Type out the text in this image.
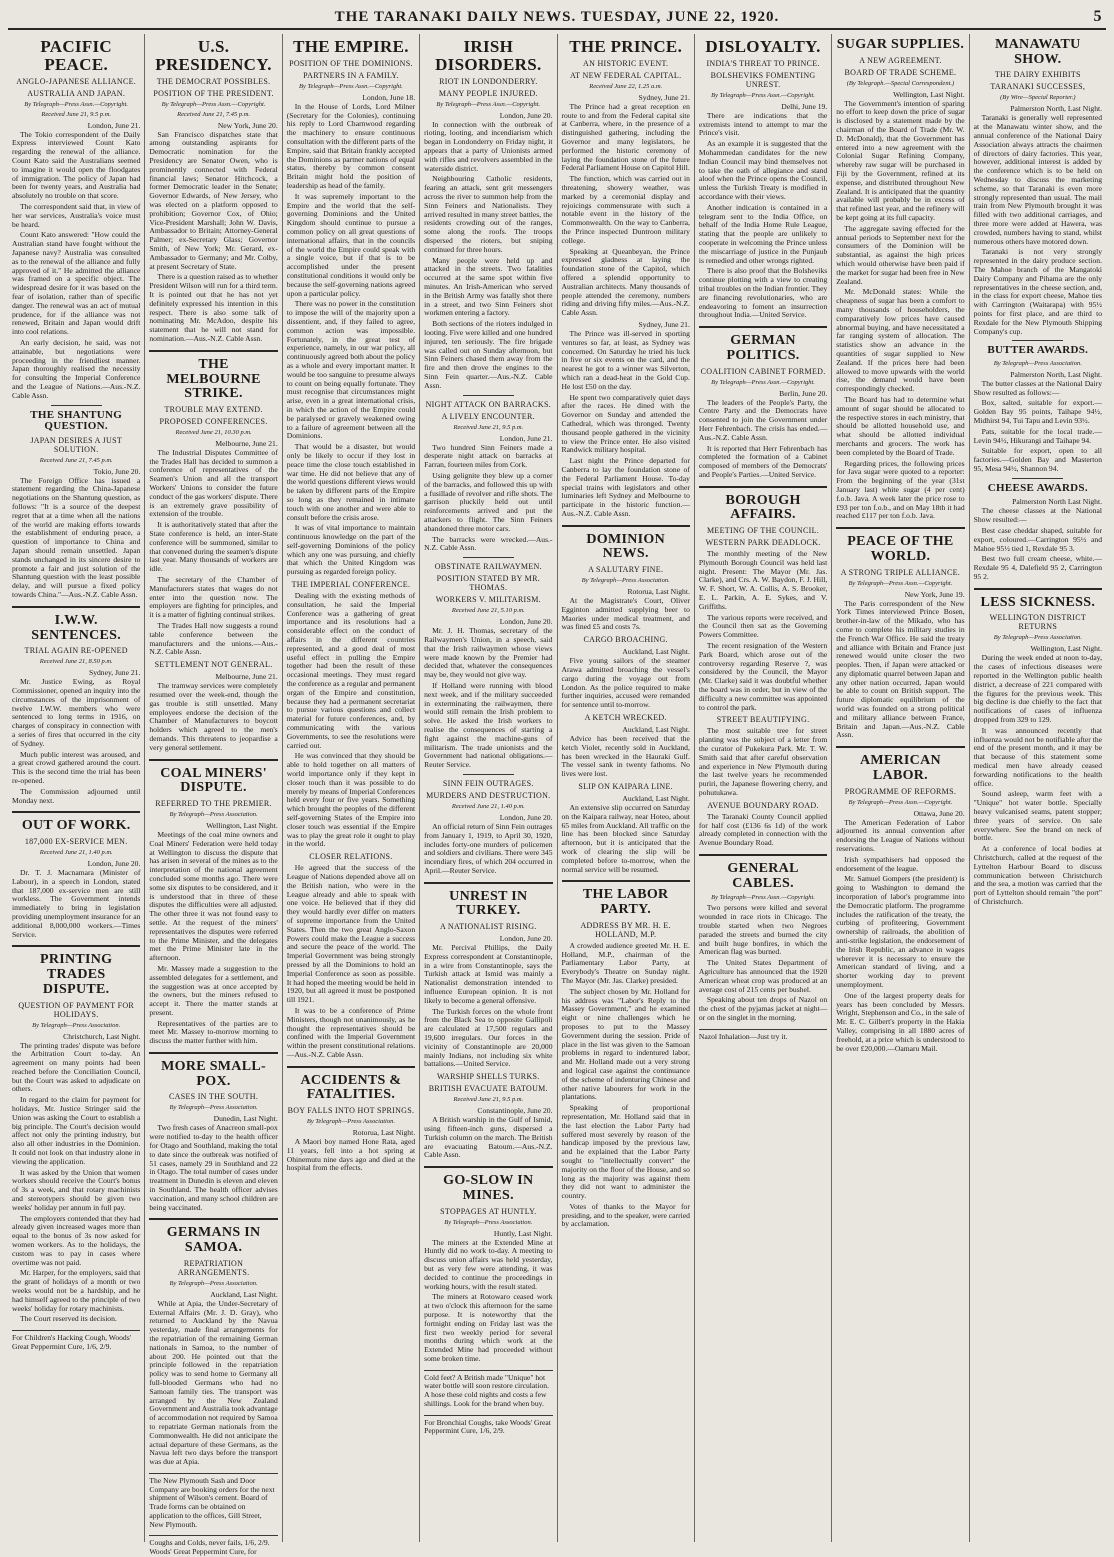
THE TARANAKI DAILY NEWS. TUESDAY, JUNE 22, 1920.	5
PACIFIC PEACE.
ANGLO-JAPANESE ALLIANCE.
AUSTRALIA AND JAPAN.
By Telegraph—Press Assn.—Copyright.
Received June 21, 9.5 p.m.
London, June 21.

The Tokio correspondent of the Daily Express interviewed Count Kato regarding the renewal of the alliance. Count Kato said the Australians seemed to imagine it would open the floodgates of immigration. The policy of Japan had been for twenty years, and Australia had absolutely no trouble on that score.

The correspondent said that, in view of her war services, Australia's voice must be heard.

Count Kato answered: "How could the Australian stand have fought without the Japanese navy? Australia was consulted as to the renewal of the alliance and fully approved of it." He admitted the alliance was framed on a specific object. The widespread desire for it was based on the fear of isolation, rather than of specific danger. The renewal was an act of mutual prudence, for if the alliance was not renewed, Britain and Japan would drift into cool relations.

An early decision, he said, was not attainable, but negotiations were proceeding in the friendliest manner. Japan thoroughly realised the necessity for consulting the Imperial Conference and the League of Nations.—Aus.-N.Z. Cable Assn.

THE SHANTUNG QUESTION.
JAPAN DESIRES A JUST SOLUTION.
Received June 21, 7.45 p.m.
Tokio, June 20.

The Foreign Office has issued a statement regarding the China-Japanese negotiations on the Shantung question, as follows: "It is a source of the deepest regret that at a time when all the nations of the world are making efforts towards the establishment of enduring peace, a question of importance to China and Japan should remain unsettled. Japan stands unchanged in its sincere desire to promote a fair and just solution of the Shantung question with the least possible delay, and will pursue a fixed policy towards China."—Aus.-N.Z. Cable Assn.

I.W.W. SENTENCES.
TRIAL AGAIN RE-OPENED
Received June 21, 8.50 p.m.
Sydney, June 21.

Mr. Justice Ewing, as Royal Commissioner, opened an inquiry into the circumstances of the imprisonment of twelve I.W.W. members who were sentenced to long terms in 1916, on charges of conspiracy in connection with a series of fires that occurred in the city of Sydney.

Much public interest was aroused, and a great crowd gathered around the court. This is the second time the trial has been re-opened.

The Commission adjourned until Monday next.

OUT OF WORK.
187,000 EX-SERVICE MEN.
Received June 21, 1.40 p.m.
London, June 20.

Dr. T. J. Macnamara (Minister of Labour), in a speech in London, stated that 187,000 ex-service men are still workless. The Government intends immediately to bring in legislation providing unemployment insurance for an additional 8,000,000 workers.—Times Service.

PRINTING TRADES DISPUTE.
QUESTION OF PAYMENT FOR HOLIDAYS.
By Telegraph—Press Association.
Christchurch, Last Night.

The printing trades' dispute was before the Arbitration Court to-day. An agreement on many points had been reached before the Conciliation Council, but the Court was asked to adjudicate on others.

In regard to the claim for payment for holidays, Mr. Justice Stringer said the Union was asking the Court to establish a big principle. The Court's decision would affect not only the printing industry, but also all other industries in the Dominion. It could not look on that industry alone in viewing the application.

It was asked by the Union that women workers should receive the Court's bonus of 3s a week, and that rotary machinists and stereotypers should be given two weeks' holiday per annum in full pay.

The employers contended that they had already given increased wages more than equal to the bonus of 3s now asked for women workers. As to the holidays, the custom was to pay in cases where overtime was not paid.

Mr. Harper, for the employers, said that the grant of holidays of a month or two weeks would not be a hardship, and he had himself agreed to the principle of two weeks' holiday for rotary machinists.

The Court reserved its decision.

For Children's Hacking Cough, Woods' Great Peppermint Cure, 1/6, 2/9.
U.S. PRESIDENCY.
THE DEMOCRAT POSSIBLES.
POSITION OF THE PRESIDENT.
By Telegraph—Press Assn.—Copyright.
Received June 21, 7.45 p.m.
New York, June 20.

San Francisco dispatches state that among outstanding aspirants for Democratic nomination for the Presidency are Senator Owen, who is prominently connected with Federal financial laws; Senator Hitchcock, a former Democratic leader in the Senate; Governor Edwards, of New Jersey, who was elected on a platform opposed to prohibition; Governor Cox, of Ohio; Vice-President Marshall; John W. Davis, Ambassador to Britain; Attorney-General Palmer; ex-Secretary Glass; Governor Smith, of New York; Mr. Gerard, ex-Ambassador to Germany; and Mr. Colby, at present Secretary of State.

There is a question raised as to whether President Wilson will run for a third term. It is pointed out that he has not yet definitely expressed his intention in this respect. There is also some talk of nominating Mr. McAdoo, despite his statement that he will not stand for nomination.—Aus.-N.Z. Cable Assn.

THE MELBOURNE STRIKE.
TROUBLE MAY EXTEND.
PROPOSED CONFERENCES.
Received June 21, 10.30 p.m.
Melbourne, June 21.

The Industrial Disputes Committee of the Trades Hall has decided to summon a conference of representatives of the Seamen's Union and all the transport Workers' Unions to consider the future conduct of the gas workers' dispute. There is an extremely grave possibility of extension of the trouble.

It is authoritatively stated that after the State conference is held, an inter-State conference will be summoned, similar to that convened during the seamen's dispute last year. Many thousands of workers are idle.

The secretary of the Chamber of Manufacturers states that wages do not enter into the question now. The employers are fighting for principles, and it is a matter of fighting continual strikes.

The Trades Hall now suggests a round table conference between the manufacturers and the unions.—Aus.-N.Z. Cable Assn.

SETTLEMENT NOT GENERAL.
Melbourne, June 21.

The tramway services were completely resumed over the week-end, though the gas trouble is still unsettled. Many employees endorse the decision of the Chamber of Manufacturers to boycott holders which agreed to the men's demands. This threatens to jeopardise a very general settlement.

COAL MINERS' DISPUTE.
REFERRED TO THE PREMIER.
By Telegraph—Press Association.
Wellington, Last Night.

Meetings of the coal mine owners and Coal Miners' Federation were held today at Wellington to discuss the dispute that has arisen in several of the mines as to the interpretation of the national agreement concluded some months ago. There were some six disputes to be considered, and it is understood that in three of these disputes the difficulties were all adjusted. The other three it was not found easy to settle. At the request of the miners' representatives the disputes were referred to the Prime Minister, and the delegates met the Prime Minister late in the afternoon.

Mr. Massey made a suggestion to the assembled delegates for a settlement, and the suggestion was at once accepted by the owners, but the miners refused to accept it. There the matter stands at present.

Representatives of the parties are to meet Mr. Massey to-morrow morning to discuss the matter further with him.

MORE SMALL-POX.
CASES IN THE SOUTH.
By Telegraph—Press Association.
Dunedin, Last Night.

Two fresh cases of Anacreon small-pox were notified to-day to the health officer for Otago and Southland, making the total to date since the outbreak was notified of 51 cases, namely 29 in Southland and 22 in Otago. The total number of cases under treatment in Dunedin is eleven and eleven in Southland. The health officer advises vaccination, and many school children are being vaccinated.

GERMANS IN SAMOA.
REPATRIATION ARRANGEMENTS.
By Telegraph—Press Association.
Auckland, Last Night.

While at Apia, the Under-Secretary of External Affairs (Mr. J. D. Gray), who returned to Auckland by the Navua yesterday, made final arrangements for the repatriation of the remaining German nationals in Samoa, to the number of about 200. He pointed out that the principle followed in the repatriation policy was to send home to Germany all full-blooded Germans who had no Samoan family ties. The transport was arranged by the New Zealand Government and Australia took advantage of accommodation not required by Samoa to repatriate German nationals from the Commonwealth. He did not anticipate the actual departure of these Germans, as the Navua left two days before the transport was due at Apia.

The New Plymouth Sash and Door Company are booking orders for the next shipment of Wilson's cement. Board of Trade forms can be obtained on application to the offices, Gill Street, New Plymouth.
Coughs and Colds, never fails, 1/6, 2/9. Woods' Great Peppermint Cure, for
THE EMPIRE.
POSITION OF THE DOMINIONS.
PARTNERS IN A FAMILY.
By Telegraph—Press Assn.—Copyright.
London, June 18.

In the House of Lords, Lord Milner (Secretary for the Colonies), continuing his reply to Lord Charnwood regarding the machinery to ensure continuous consultation with the different parts of the Empire, said that Britain frankly accepted the Dominions as partner nations of equal status, thereby by common consent Britain might hold the position of leadership as head of the family.

It was supremely important to the Empire and the world that the self-governing Dominions and the United Kingdom should continue to pursue a common policy on all great questions of international affairs, that in the councils of the world the Empire could speak with a single voice, but if that is to be accomplished under the present constitutional conditions it would only be because the self-governing nations agreed upon a particular policy.

There was no power in the constitution to impose the will of the majority upon a dissentient, and, if they failed to agree, common action was impossible. Fortunately, in the great test of experience, namely, in our war policy, all continuously agreed both about the policy as a whole and every important matter. It would be too sanguine to presume always to count on being equally fortunate. They must recognise that circumstances might arise, even in a great international crisis, in which the action of the Empire could be paralysed or gravely weakened owing to a failure of agreement between all the Dominions.

That would be a disaster, but would only be likely to occur if they lost in peace time the close touch established in war time. He did not believe that any of the world questions different views would be taken by different parts of the Empire so long as they remained in intimate touch with one another and were able to consult before the crisis arose.

It was of vital importance to maintain continuous knowledge on the part of the self-governing Dominions of the policy which any one was pursuing, and chiefly that which the United Kingdom was pursuing as regarded foreign policy.

THE IMPERIAL CONFERENCE.

Dealing with the existing methods of consultation, he said the Imperial Conference was a gathering of great importance and its resolutions had a considerable effect on the conduct of affairs in the different countries represented, and a good deal of most useful effect in pulling the Empire together had been the result of these occasional meetings. They must regard the conference as a regular and permanent organ of the Empire and constitution, because they had a permanent secretariat to pursue various questions and collect material for future conferences, and, by communicating with the various Governments, to see the resolutions were carried out.

He was convinced that they should be able to hold together on all matters of world importance only if they kept in closer touch than it was possible to do merely by means of Imperial Conferences held every four or five years. Something which brought the peoples of the different self-governing States of the Empire into closer touch was essential if the Empire was to play the great role it ought to play in the world.

CLOSER RELATIONS.

He agreed that the success of the League of Nations depended above all on the British nation, who were in the League already and able to speak with one voice. He believed that if they did they would hardly ever differ on matters of supreme importance from the United States. Then the two great Anglo-Saxon Powers could make the League a success and secure the peace of the world. The Imperial Government was being strongly pressed by all the Dominions to hold an Imperial Conference as soon as possible. It had hoped the meeting would be held in 1920, but all agreed it must be postponed till 1921.

It was to be a conference of Prime Ministers, though not unanimously, as he thought the representatives should be confined with the Imperial Government within the present constitutional relations.—Aus.-N.Z. Cable Assn.

ACCIDENTS & FATALITIES.
BOY FALLS INTO HOT SPRINGS.
By Telegraph—Press Association.
Rotorua, Last Night.

A Maori boy named Hone Rata, aged 11 years, fell into a hot spring at Ohinemutu nine days ago and died at the hospital from the effects.

IRISH DISORDERS.
RIOT IN LONDONDERRY.
MANY PEOPLE INJURED.
By Telegraph—Press Assn.—Copyright.
London, June 20.

In connection with the outbreak of rioting, looting, and incendiarism which began in Londonderry on Friday night, it appears that a party of Unionists armed with rifles and revolvers assembled in the waterside district.

Neighbouring Catholic residents, fearing an attack, sent grit messengers across the river to summon help from the Sinn Feiners and Nationalists. They arrived resulted in many street battles, the residents crowding out of the ranges, some along the roofs. The troops dispersed the rioters, but sniping continued for three hours.

Many people were held up and attacked in the streets. Two fatalities occurred at the same spot within five minutes. An Irish-American who served in the British Army was fatally shot there in a street, and two Sinn Feiners shot workmen entering a factory.

Both sections of the rioters indulged in looting. Five were killed and one hundred injured, ten seriously. The fire brigade was called out on Sunday afternoon, but Sinn Feiners chased them away from the fire and then drove the engines to the Sinn Fein quarter.—Aus.-N.Z. Cable Assn.

NIGHT ATTACK ON BARRACKS.
A LIVELY ENCOUNTER.
Received June 21, 9.5 p.m.
London, June 21.

Two hundred Sinn Feiners made a desperate night attack on barracks at Farran, fourteen miles from Cork.

Using gelignite they blew up a corner of the barracks, and followed this up with a fusillade of revolver and rifle shots. The garrison pluckily held out until reinforcements arrived and put the attackers to flight. The Sinn Feiners abandoned three motor cars.

The barracks were wrecked.—Aus.-N.Z. Cable Assn.

OBSTINATE RAILWAYMEN.
POSITION STATED BY MR. THOMAS.
WORKERS V. MILITARISM.
Received June 21, 5.10 p.m.
London, June 20.

Mr. J. H. Thomas, secretary of the Railwaymen's Union, in a speech, said that the Irish railwaymen whose views were made known by the Premier had decided that, whatever the consequences may be, they would not give way.

If Holland were running with blood next week, and if the military succeeded in exterminating the railwaymen, there would still remain the Irish problem to solve. He asked the Irish workers to realise the consequences of starting a fight against the machine-guns of militarism. The trade unionists and the Government had national obligations.—Reuter Service.

SINN FEIN OUTRAGES.
MURDERS AND DESTRUCTION.
Received June 21, 1.40 p.m.
London, June 20.

An official return of Sinn Fein outrages from January 1, 1919, to April 30, 1920, includes forty-one murders of policemen and soldiers and civilians. There were 345 incendiary fires, of which 204 occurred in April.—Reuter Service.

UNREST IN TURKEY.
A NATIONALIST RISING.
London, June 20.

Mr. Percival Phillips, the Daily Express correspondent at Constantinople, in a wire from Constantinople, says the Turkish attack at Ismid was mainly a Nationalist demonstration intended to influence European opinion. It is not likely to become a general offensive.

The Turkish forces on the whole front from the Black Sea to opposite Gallipoli are calculated at 17,500 regulars and 19,600 irregulars. Our forces in the vicinity of Constantinople are 20,000 mainly Indians, not including six white battalions.—United Service.

WARSHIP SHELLS TURKS.
BRITISH EVACUATE BATOUM.
Received June 21, 9.5 p.m.
Constantinople, June 20.

A British warship in the Gulf of Ismid, using fifteen-inch guns, dispersed a Turkish column on the march. The British are evacuating Batoum.—Aus.-N.Z. Cable Assn.

GO-SLOW IN MINES.
STOPPAGES AT HUNTLY.
By Telegraph—Press Association.
Huntly, Last Night.

The miners at the Extended Mine at Huntly did no work to-day. A meeting to discuss union affairs was held yesterday, but as very few were attending, it was decided to continue the proceedings in working hours, with the result stated.

The miners at Rotowaro ceased work at two o'clock this afternoon for the same purpose. It is noteworthy that the fortnight ending on Friday last was the first two weekly period for several months during which work at the Extended Mine had proceeded without some broken time.

Cold feet? A British made "Unique" hot water bottle will soon restore circulation. A hose these cold nights and costs a few shillings. Look for the brand when buy.
For Bronchial Coughs, take Woods' Great Peppermint Cure, 1/6, 2/9.
THE PRINCE.
AN HISTORIC EVENT.
AT NEW FEDERAL CAPITAL.
Received June 22, 1.25 a.m.
Sydney, June 21.

The Prince had a great reception en route to and from the Federal capital site at Canberra, where, in the presence of a distinguished gathering, including the Governor and many legislators, he performed the historic ceremony of laying the foundation stone of the future Federal Parliament House on Capitol Hill.

The function, which was carried out in threatening, showery weather, was marked by a ceremonial display and rejoicings commensurate with such a notable event in the history of the Commonwealth. On the way to Canberra, the Prince inspected Duntroon military college.

Speaking at Queanbeyan, the Prince expressed gladness at laying the foundation stone of the Capitol, which offered a splendid opportunity to Australian architects. Many thousands of people attended the ceremony, numbers riding and driving fifty miles.—Aus.-N.Z. Cable Assn.

Sydney, June 21.

The Prince was ill-served in sporting ventures so far, at least, as Sydney was concerned. On Saturday he tried his luck in five or six events on the card, and the nearest he got to a winner was Silverton, which ran a dead-heat in the Gold Cup. He lost £50 on the day.

He spent two comparatively quiet days after the races. He dined with the Governor on Sunday and attended the Cathedral, which was thronged. Twenty thousand people gathered in the vicinity to view the Prince enter. He also visited Randwick military hospital.

Last night the Prince departed for Canberra to lay the foundation stone of the Federal Parliament House. To-day special trains with legislators and other luminaries left Sydney and Melbourne to participate in the historic function.—Aus.-N.Z. Cable Assn.

DOMINION NEWS.
A SALUTARY FINE.
By Telegraph—Press Association.
Rotorua, Last Night.

At the Magistrate's Court, Oliver Egginton admitted supplying beer to Maories under medical treatment, and was fined £5 and costs 7s.

CARGO BROACHING.
Auckland, Last Night.

Five young sailors of the steamer Arawa admitted broaching the vessel's cargo during the voyage out from London. As the police required to make further inquiries, accused were remanded for sentence until to-morrow.

A KETCH WRECKED.
Auckland, Last Night.

Advice has been received that the ketch Violet, recently sold in Auckland, has been wrecked in the Hauraki Gulf. The vessel sank in twenty fathoms. No lives were lost.

SLIP ON KAIPARA LINE.
Auckland, Last Night.

An extensive slip occurred on Saturday on the Kaipara railway, near Hoteo, about 65 miles from Auckland. All traffic on the line has been blocked since Saturday afternoon, but it is anticipated that the work of clearing the slip will be completed before to-morrow, when the normal service will be resumed.

THE LABOR PARTY.
ADDRESS BY MR. H. E. HOLLAND, M.P.

A crowded audience greeted Mr. H. E. Holland, M.P., chairman of the Parliamentary Labor Party, at Everybody's Theatre on Sunday night. The Mayor (Mr. Jas. Clarke) presided.

The subject chosen by Mr. Holland for his address was "Labor's Reply to the Massey Government," and he examined eight or nine challenges which he proposes to put to the Massey Government during the session. Pride of place in the list was given to the Samoan problems in regard to indentured labor, and Mr. Holland made out a very strong and logical case against the continuance of the scheme of indenturing Chinese and other native labourers for work in the plantations.

Speaking of proportional representation, Mr. Holland said that in the last election the Labor Party had suffered most severely by reason of the handicap imposed by the previous law, and he explained that the Labor Party sought to "intellectually convert" the majority on the floor of the House, and so long as the majority was against them they did not want to administer the country.

Votes of thanks to the Mayor for presiding, and to the speaker, were carried by acclamation.

DISLOYALTY.
INDIA'S THREAT TO PRINCE.
BOLSHEVIKS FOMENTING UNREST.
By Telegraph—Press Assn.—Copyright.
Delhi, June 19.

There are indications that the extremists intend to attempt to mar the Prince's visit.

As an example it is suggested that the Mohammedan candidates for the new Indian Council may bind themselves not to take the oath of allegiance and stand aloof when the Prince opens the Council, unless the Turkish Treaty is modified in accordance with their views.

Another indication is contained in a telegram sent to the India Office, on behalf of the India Home Rule League, stating that the people are unlikely to cooperate in welcoming the Prince unless the miscarriage of justice in the Punjaub is remedied and other wrongs righted.

There is also proof that the Bolsheviks continue plotting with a view to creating tribal troubles on the Indian frontier. They are financing revolutionaries, who are endeavoring to foment an insurrection throughout India.—United Service.

GERMAN POLITICS.
COALITION CABINET FORMED.
By Telegraph—Press Assn.—Copyright.
Berlin, June 20.

The leaders of the People's Party, the Centre Party and the Democrats have consented to join the Government under Herr Fehrenbach. The crisis has ended.—Aus.-N.Z. Cable Assn.

It is reported that Herr Fehrenbach has completed the formation of a Cabinet composed of members of the Democrats' and People's Parties.—United Service.

BOROUGH AFFAIRS.
MEETING OF THE COUNCIL.
WESTERN PARK DEADLOCK.

The monthly meeting of the New Plymouth Borough Council was held last night. Present: The Mayor (Mr. Jas. Clarke), and Crs. A. W. Baydon, F. J. Hill, W. F. Short, W. A. Collis, A. S. Brooker, E. L. Parkin, A. E. Sykes, and V. Griffiths.

The various reports were received, and the Council then sat as the Governing Powers Committee.

The recent resignation of the Western Park Board, which arose out of the controversy regarding Reserve ?, was considered by the Council, the Mayor (Mr. Clarke) said it was doubtful whether the board was in order, but in view of the difficulty a new committee was appointed to control the park.

STREET BEAUTIFYING.

The most suitable tree for street planting was the subject of a letter from the curator of Pukekura Park. Mr. T. W. Smith said that after careful observation and experience in New Plymouth during the last twelve years he recommended puriri, the Japanese flowering cherry, and pohutukawa.

AVENUE BOUNDARY ROAD.

The Taranaki County Council applied for half cost (£136 6s 1d) of the work already completed in connection with the Avenue Boundary Road.

GENERAL CABLES.
By Telegraph—Press Assn.—Copyright.

Two persons were killed and several wounded in race riots in Chicago. The trouble started when two Negroes paraded the streets and burned the city and built huge bonfires, in which the American flag was burned.

The United States Department of Agriculture has announced that the 1920 American wheat crop was produced at an average cost of 215 cents per bushel.

Speaking about ten drops of Nazol on the chest of the pyjamas jacket at night—or on the singlet in the morning.

Nazol Inhalation—Just try it.
SUGAR SUPPLIES.
A NEW AGREEMENT.
BOARD OF TRADE SCHEME.
(By Telegraph.—Special Correspondent.)
Wellington, Last Night.

The Government's intention of sparing no effort to keep down the price of sugar is disclosed by a statement made by the chairman of the Board of Trade (Mr. W. D. McDonald), that the Government has entered into a new agreement with the Colonial Sugar Refining Company, whereby raw sugar will be purchased in Fiji by the Government, refined at its expense, and distributed throughout New Zealand. It is anticipated that the quantity available will probably be in excess of that refined last year, and the refinery will be kept going at its full capacity.

The aggregate saving effected for the annual periods to September next for the consumers of the Dominion will be substantial, as against the high prices which would otherwise have been paid if the market for sugar had been free in New Zealand.

Mr. McDonald states: While the cheapness of sugar has been a comfort to many thousands of householders, the comparatively low prices have caused abnormal buying, and have necessitated a far ranging system of allocation. The statistics show an advance in the quantities of sugar supplied to New Zealand. If the prices here had been allowed to move upwards with the world rise, the demand would have been correspondingly checked.

The Board has had to determine what amount of sugar should be allocated to the respective stores in each ministry, that should be allotted household use, and what should be allotted individual merchants and grocers. The work has been completed by the Board of Trade.

Regarding prices, the following prices for Java sugar were quoted to a reporter: From the beginning of the year (31st January last) white sugar (4 per cent) f.o.b. Java. A week later the price rose to £93 per ton f.o.b., and on May 18th it had reached £117 per ton f.o.b. Java.

PEACE OF THE WORLD.
A STRONG TRIPLE ALLIANCE.
By Telegraph—Press Assn.—Copyright.
New York, June 19.

The Paris correspondent of the New York Times interviewed Prince Bosen, brother-in-law of the Mikado, who has come to complete his military studies in the French War Office. He said the treaty and alliance with Britain and France just renewed would unite closer the two peoples. Then, if Japan were attacked or any diplomatic quarrel between Japan and any other nation occurred, Japan would be able to count on British support. The future diplomatic equilibrium of the world was founded on a strong political and military alliance between France, Britain and Japan.—Aus.-N.Z. Cable Assn.

AMERICAN LABOR.
PROGRAMME OF REFORMS.
By Telegraph—Press Assn.—Copyright.
Ottawa, June 20.

The American Federation of Labor adjourned its annual convention after endorsing the League of Nations without reservations.

Irish sympathisers had opposed the endorsement of the league.

Mr. Samuel Gompers (the president) is going to Washington to demand the incorporation of labor's programme into the Democratic platform. The programme includes the ratification of the treaty, the curbing of profiteering, Government ownership of railroads, the abolition of anti-strike legislation, the endorsement of the Irish Republic, an advance in wages wherever it is necessary to ensure the American standard of living, and a shorter working day to prevent unemployment.

One of the largest property deals for years has been concluded by Messrs. Wright, Stephenson and Co., in the sale of Mr. E. C. Gilbert's property in the Hakia Valley, comprising in all 1880 acres of freehold, at a price which is understood to be over £20,000.—Oamaru Mail.

MANAWATU SHOW.
THE DAIRY EXHIBITS
TARANAKI SUCCESSES,
(By Wire—Special Reporter.)
Palmerston North, Last Night.

Taranaki is generally well represented at the Manawatu winter show, and the annual conference of the National Dairy Association always attracts the chairmen of directors of dairy factories. This year, however, additional interest is added by the conference which is to be held on Wednesday to discuss the marketing scheme, so that Taranaki is even more strongly represented than usual. The mail train from New Plymouth brought it was filled with two additional carriages, and three more were added at Hawera, was crowded, numbers having to stand, whilst numerous others have motored down.

Taranaki is not very strongly represented in the dairy produce section. The Mahoe branch of the Mangatoki Dairy Company and Pihama are the only representatives in the cheese section, and, in the class for export cheese, Mahoe ties with Carrington (Waitarapa) with 95½ points for first place, and are third to Rexdale for the New Plymouth Shipping Company's cup.

BUTTER AWARDS.
By Telegraph—Press Association.
Palmerston North, Last Night.

The butter classes at the National Dairy Show resulted as follows:—

Box, salted, suitable for export.—Golden Bay 95 points, Taihape 94½, Midhirst 94, Tui Tapu and Levin 93½.

Pats, suitable for the local trade.—Levin 94½, Hikurangi and Taihape 94.

Suitable for export, open to all factories.—Golden Bay and Masterton 95, Mesa 94½, Shannon 94.

CHEESE AWARDS.
Palmerston North Last Night.

The cheese classes at the National Show resulted:—

Best case cheddar shaped, suitable for export, coloured.—Carrington 95½ and Mahoe 95½ tied 1, Rexdale 95 3.

Best two full cream cheese, white.—Rexdale 95 4, Dalefield 95 2, Carrington 95 2.

LESS SICKNESS.
WELLINGTON DISTRICT RETURNS
By Telegraph—Press Association.
Wellington, Last Night.

During the week ended at noon to-day, the cases of infectious diseases were reported in the Wellington public health district, a decrease of 221 compared with the figures for the previous week. This big decline is due chiefly to the fact that notifications of cases of influenza dropped from 329 to 129.

It was announced recently that influenza would not be notifiable after the end of the present month, and it may be that because of this statement some medical men have already ceased forwarding notifications to the health office.

Sound asleep, warm feet with a "Unique" hot water bottle. Specially heavy vulcanised seams, patent stopper; three years of service. On sale everywhere. See the brand on neck of bottle.

At a conference of local bodies at Christchurch, called at the request of the Lyttelton Harbour Board to discuss communication between Christchurch and the sea, a motion was carried that the port of Lyttelton should remain "the port" of Christchurch.
